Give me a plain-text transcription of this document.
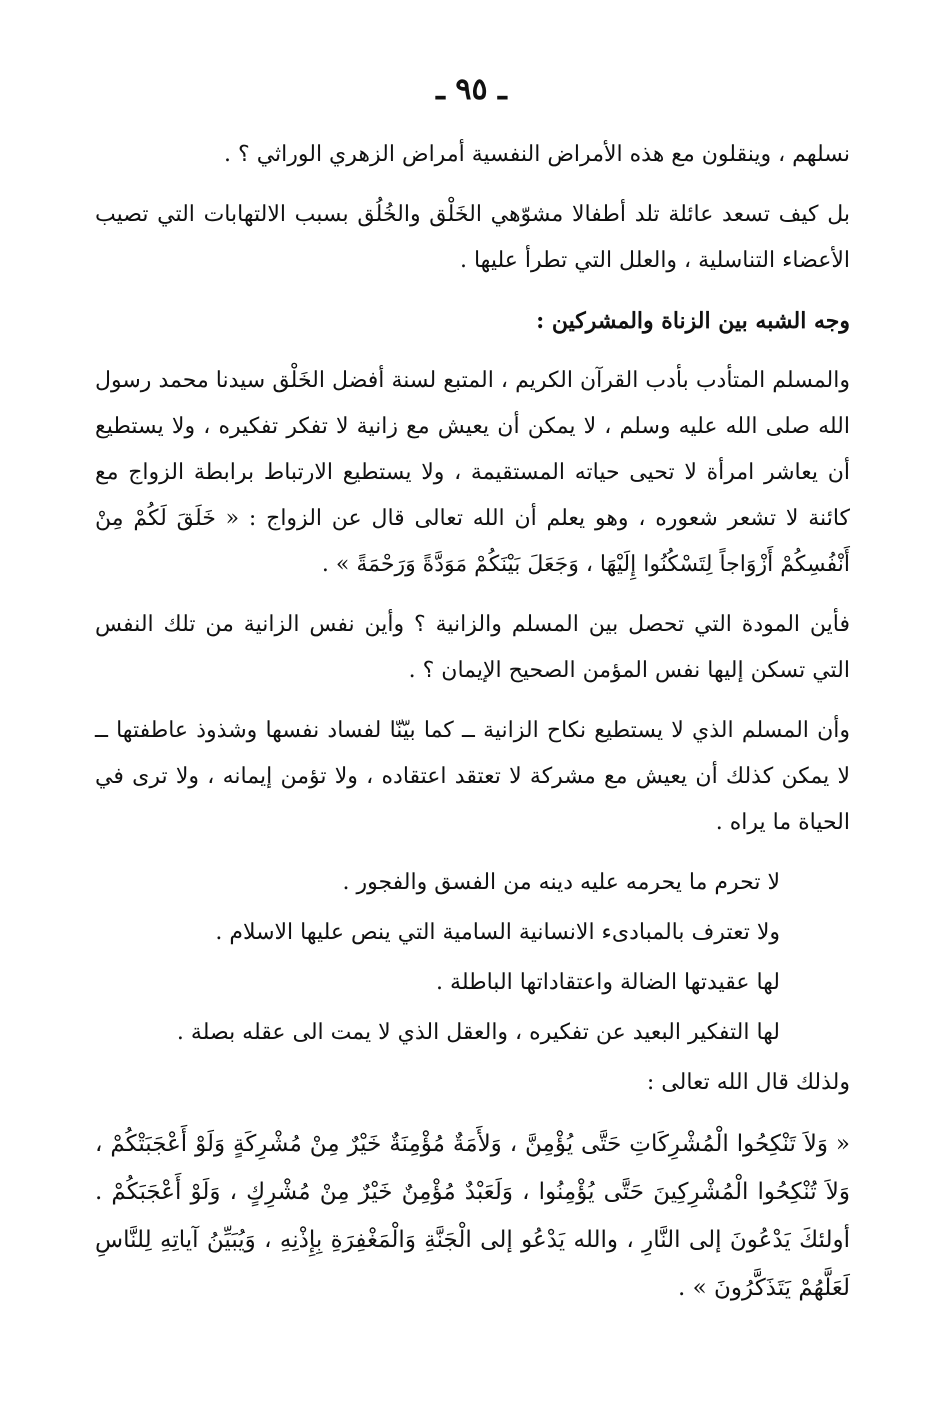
ـ ٩٥ ـ

نسلهم ، وينقلون مع هذه الأمراض النفسية أمراض الزهري الوراثي ؟ .

بل كيف تسعد عائلة تلد أطفالا مشوّهي الخَلْق والخُلُق بسبب الالتهابات التي تصيب الأعضاء التناسلية ، والعلل التي تطرأ عليها .

وجه الشبه بين الزناة والمشركين :

والمسلم المتأدب بأدب القرآن الكريم ، المتبع لسنة أفضل الخَلْق سيدنا محمد رسول الله صلى الله عليه وسلم ، لا يمكن أن يعيش مع زانية لا تفكر تفكيره ، ولا يستطيع أن يعاشر امرأة لا تحيى حياته المستقيمة ، ولا يستطيع الارتباط برابطة الزواج مع كائنة لا تشعر شعوره ، وهو يعلم أن الله تعالى قال عن الزواج : « خَلَقَ لَكُمْ مِنْ أَنْفُسِكُمْ أَزْوَاجاً لِتَسْكُنُوا إِلَيْهَا ، وَجَعَلَ بَيْنَكُمْ مَوَدَّةً وَرَحْمَةً » .

فأين المودة التي تحصل بين المسلم والزانية ؟ وأين نفس الزانية من تلك النفس التي تسكن إليها نفس المؤمن الصحيح الإيمان ؟ .

وأن المسلم الذي لا يستطيع نكاح الزانية ــ كما بيّنّا لفساد نفسها وشذوذ عاطفتها ــ لا يمكن كذلك أن يعيش مع مشركة لا تعتقد اعتقاده ، ولا تؤمن إيمانه ، ولا ترى في الحياة ما يراه .

لا تحرم ما يحرمه عليه دينه من الفسق والفجور .

ولا تعترف بالمبادىء الانسانية السامية التي ينص عليها الاسلام .

لها عقيدتها الضالة واعتقاداتها الباطلة .

لها التفكير البعيد عن تفكيره ، والعقل الذي لا يمت الى عقله بصلة .

ولذلك قال الله تعالى :

« وَلاَ تَنْكِحُوا الْمُشْرِكَاتِ حَتَّى يُؤْمِنَّ ، وَلأَمَةٌ مُؤْمِنَةٌ خَيْرٌ مِنْ مُشْرِكَةٍ وَلَوْ أَعْجَبَتْكُمْ ، وَلاَ تُنْكِحُوا الْمُشْرِكِينَ حَتَّى يُؤْمِنُوا ، وَلَعَبْدٌ مُؤْمِنٌ خَيْرٌ مِنْ مُشْرِكٍ ، وَلَوْ أَعْجَبَكُمْ . أولئكَ يَدْعُونَ إلى النَّارِ ، والله يَدْعُو إلى الْجَنَّةِ وَالْمَغْفِرَةِ بِإِذْنِهِ ، وَيُبَيِّنُ آياتِهِ لِلنَّاسِ لَعَلَّهُمْ يَتَذَكَّرُونَ » .
